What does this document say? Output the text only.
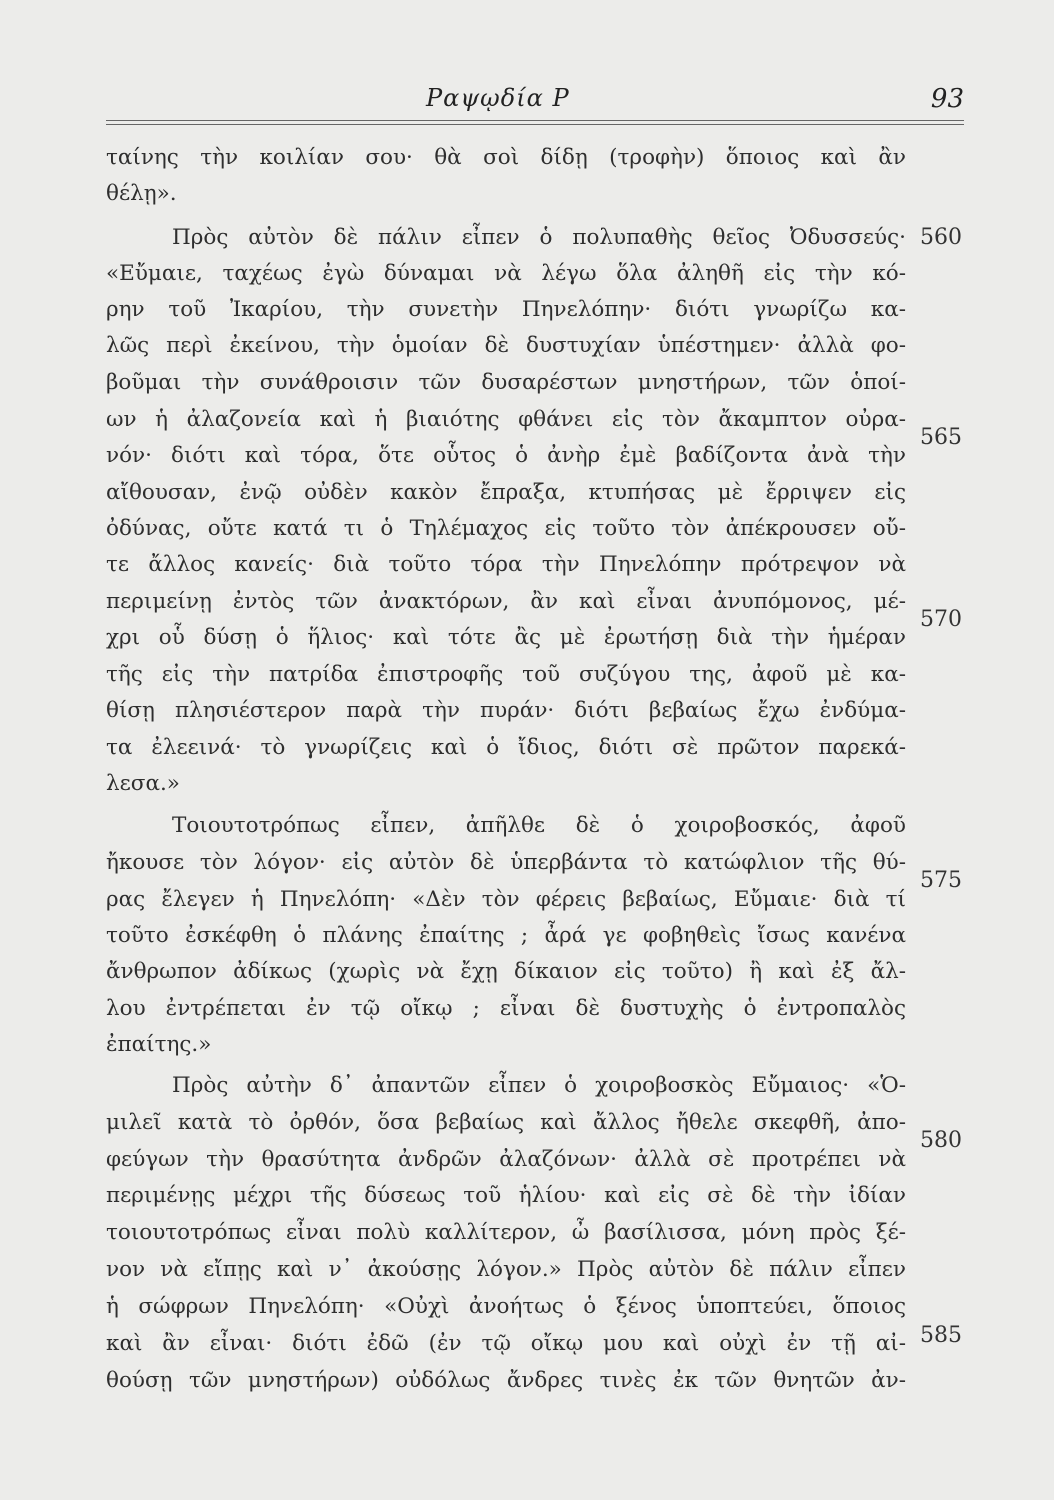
Ραψῳδία Ρ	93
ταίνης τὴν κοιλίαν σου· θὰ σοὶ δίδῃ (τροφὴν) ὅποιος καὶ ἂν
θέλῃ».
Πρὸς αὐτὸν δὲ πάλιν εἶπεν ὁ πολυπαθὴς θεῖος Ὀδυσσεύς·
«Εὔμαιε, ταχέως ἐγὼ δύναμαι νὰ λέγω ὅλα ἀληθῆ εἰς τὴν κό-
ρην τοῦ Ἰκαρίου, τὴν συνετὴν Πηνελόπην· διότι γνωρίζω κα-
λῶς περὶ ἐκείνου, τὴν ὁμοίαν δὲ δυστυχίαν ὑπέστημεν· ἀλλὰ φο-
βοῦμαι τὴν συνάθροισιν τῶν δυσαρέστων μνηστήρων, τῶν ὁποί-
ων ἡ ἀλαζονεία καὶ ἡ βιαιότης φθάνει εἰς τὸν ἄκαμπτον οὐρα-
νόν· διότι καὶ τόρα, ὅτε οὗτος ὁ ἀνὴρ ἐμὲ βαδίζοντα ἀνὰ τὴν
αἴθουσαν, ἐνῷ οὐδὲν κακὸν ἔπραξα, κτυπήσας μὲ ἔρριψεν εἰς
ὀδύνας, οὔτε κατά τι ὁ Τηλέμαχος εἰς τοῦτο τὸν ἀπέκρουσεν οὔ-
τε ἄλλος κανείς· διὰ τοῦτο τόρα τὴν Πηνελόπην πρότρεψον νὰ
περιμείνῃ ἐντὸς τῶν ἀνακτόρων, ἂν καὶ εἶναι ἀνυπόμονος, μέ-
χρι οὗ δύσῃ ὁ ἥλιος· καὶ τότε ἂς μὲ ἐρωτήσῃ διὰ τὴν ἡμέραν
τῆς εἰς τὴν πατρίδα ἐπιστροφῆς τοῦ συζύγου της, ἀφοῦ μὲ κα-
θίσῃ πλησιέστερον παρὰ τὴν πυράν· διότι βεβαίως ἔχω ἐνδύμα-
τα ἐλεεινά· τὸ γνωρίζεις καὶ ὁ ἴδιος, διότι σὲ πρῶτον παρεκά-
λεσα.»
Τοιουτοτρόπως εἶπεν, ἀπῆλθε δὲ ὁ χοιροβοσκός, ἀφοῦ
ἤκουσε τὸν λόγον· εἰς αὐτὸν δὲ ὑπερβάντα τὸ κατώφλιον τῆς θύ-
ρας ἔλεγεν ἡ Πηνελόπη· «Δὲν τὸν φέρεις βεβαίως, Εὔμαιε· διὰ τί
τοῦτο ἐσκέφθη ὁ πλάνης ἐπαίτης ; ἆρά γε φοβηθεὶς ἴσως κανένα
ἄνθρωπον ἀδίκως (χωρὶς νὰ ἔχῃ δίκαιον εἰς τοῦτο) ἢ καὶ ἐξ ἄλ-
λου ἐντρέπεται ἐν τῷ οἴκῳ ; εἶναι δὲ δυστυχὴς ὁ ἐντροπαλὸς
ἐπαίτης.»
Πρὸς αὐτὴν δ᾽ ἀπαντῶν εἶπεν ὁ χοιροβοσκὸς Εὔμαιος· «Ὁ-
μιλεῖ κατὰ τὸ ὀρθόν, ὅσα βεβαίως καὶ ἄλλος ἤθελε σκεφθῆ, ἀπο-
φεύγων τὴν θρασύτητα ἀνδρῶν ἀλαζόνων· ἀλλὰ σὲ προτρέπει νὰ
περιμένῃς μέχρι τῆς δύσεως τοῦ ἡλίου· καὶ εἰς σὲ δὲ τὴν ἰδίαν
τοιουτοτρόπως εἶναι πολὺ καλλίτερον, ὦ βασίλισσα, μόνη πρὸς ξέ-
νον νὰ εἴπῃς καὶ ν᾽ ἀκούσῃς λόγον.» Πρὸς αὐτὸν δὲ πάλιν εἶπεν
ἡ σώφρων Πηνελόπη· «Οὐχὶ ἀνοήτως ὁ ξένος ὑποπτεύει, ὅποιος
καὶ ἂν εἶναι· διότι ἐδῶ (ἐν τῷ οἴκῳ μου καὶ οὐχὶ ἐν τῇ αἰ-
θούσῃ τῶν μνηστήρων) οὐδόλως ἄνδρες τινὲς ἐκ τῶν θνητῶν ἀν-
560
565
570
575
580
585
